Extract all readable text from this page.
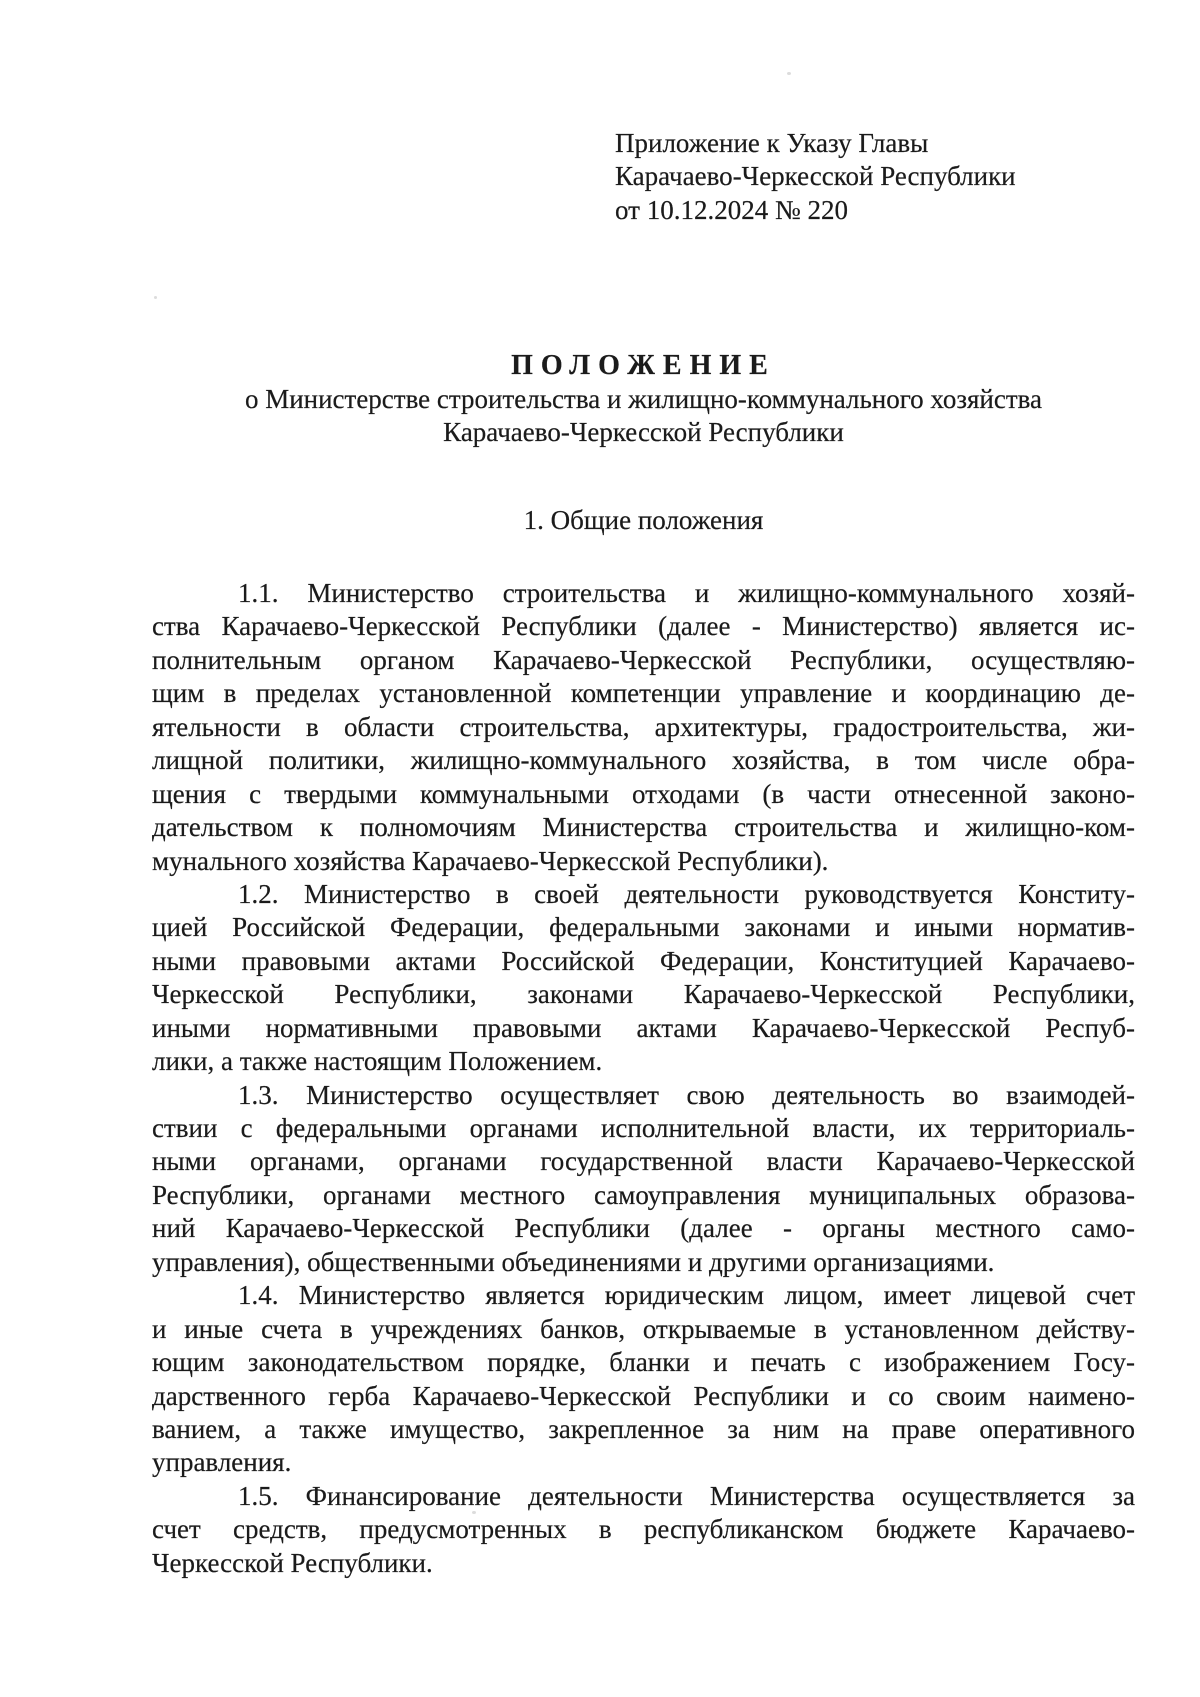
Приложение к Указу Главы
Карачаево-Черкесской Республики
от 10.12.2024 № 220
ПОЛОЖЕНИЕ
о Министерстве строительства и жилищно-коммунального хозяйства
Карачаево-Черкесской Республики
1. Общие положения
1.1. Министерство строительства и жилищно-коммунального хозяй-
ства Карачаево-Черкесской Республики (далее - Министерство) является ис-
полнительным органом Карачаево-Черкесской Республики, осуществляю-
щим в пределах установленной компетенции управление и координацию де-
ятельности в области строительства, архитектуры, градостроительства, жи-
лищной политики, жилищно-коммунального хозяйства, в том числе обра-
щения с твердыми коммунальными отходами (в части отнесенной законо-
дательством к полномочиям Министерства строительства и жилищно-ком-
мунального хозяйства Карачаево-Черкесской Республики).
1.2. Министерство в своей деятельности руководствуется Конститу-
цией Российской Федерации, федеральными законами и иными норматив-
ными правовыми актами Российской Федерации, Конституцией Карачаево-
Черкесской Республики, законами Карачаево-Черкесской Республики,
иными нормативными правовыми актами Карачаево-Черкесской Респуб-
лики, а также настоящим Положением.
1.3. Министерство осуществляет свою деятельность во взаимодей-
ствии с федеральными органами исполнительной власти, их территориаль-
ными органами, органами государственной власти Карачаево-Черкесской
Республики, органами местного самоуправления муниципальных образова-
ний Карачаево-Черкесской Республики (далее - органы местного само-
управления), общественными объединениями и другими организациями.
1.4. Министерство является юридическим лицом, имеет лицевой счет
и иные счета в учреждениях банков, открываемые в установленном действу-
ющим законодательством порядке, бланки и печать с изображением Госу-
дарственного герба Карачаево-Черкесской Республики и со своим наимено-
ванием, а также имущество, закрепленное за ним на праве оперативного
управления.
1.5. Финансирование деятельности Министерства осуществляется за
счет средств, предусмотренных в республиканском бюджете Карачаево-
Черкесской Республики.
